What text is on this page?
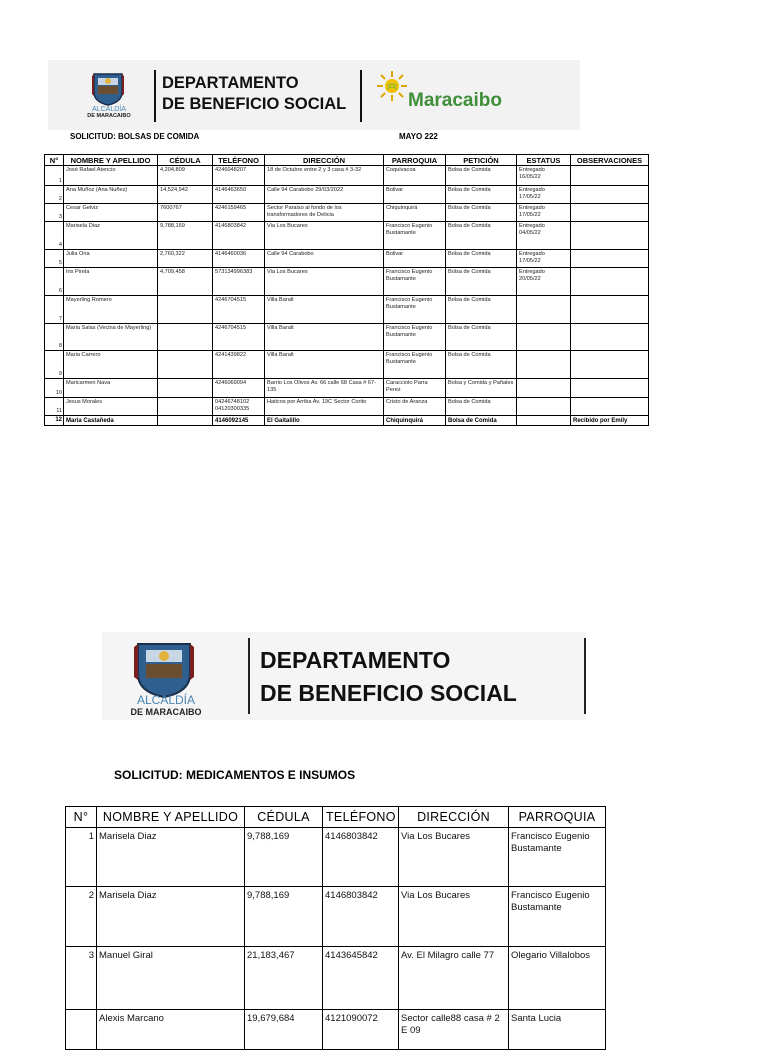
ALCALDÍA
DE MARACAIBO
DEPARTAMENTO
DE BENEFICIO SOCIAL	Maracaibo
SOLICITUD: BOLSAS DE COMIDA	MAYO 222
N°	NOMBRE Y APELLIDO	CÉDULA	TELÉFONO	DIRECCIÓN	PARROQUIA	PETICIÓN	ESTATUS	OBSERVACIONES
1	José Rafael Atencio	4,204,809	4246048207	18 de Octubre entre 2 y 3 casa # 3-32	Coquivacoa	Bolsa de Comida	Entregado 16/05/22	
2	Ana Muñoz (Ana Nuñez)	14,524,942	4146463650	Calle 94 Carabobo 29/03/2022	Bolivar	Bolsa de Comida	Entregado 17/05/22	
3	Cesar Gelviz	7600767	4246159465	Sector Paraiso al fondo de los transformadores de Delicia	Chiquinquirá	Bolsa de Comida	Entregado 17/05/22	
4	Marisela Diaz	9,788,169	4146803842	Via Los Bucares	Francisco Eugenio Bustamante	Bolsa de Comida	Entregado 04/05/22	
5	Julia Oria	2,760,322	4146460036	Calle 94 Carabobo	Bolivar	Bolsa de Comida	Entregado 17/05/22	
6	Iris Pirela	4,709,458	573134996383	Via Los Bucares	Francisco Eugenio Bustamante	Bolsa de Comida	Entregado 20/05/22	
7	Mayerling Romero		4246704515	Villa Baralt	Francisco Eugenio Bustamante	Bolsa de Comida		
8	Maria Salas (Vecina de Mayerling)		4246704515	Villa Baralt	Francisco Eugenio Bustamante	Bolsa de Comida		
9	Maria Carrero		4241439822	Villa Baralt	Francisco Eugenio Bustamante	Bolsa de Comida		
10	Maricarmen Nava		4246069094	Barrio Los Olivos Av. 66 calle 68 Casa # 67-135	Caracciolo Parra Perez	Bolsa y Comida y Pañales		
11	Jesus Morales		04246748102 04120300335	Haticos por Arriba Av. 19C Sector Corito	Cristo de Aranza	Bolsa de Comida		
12	Maria Castañeda		4146092145	El Gaitalillo	Chiquinquirá	Bolsa de Comida		Recibido por Emily
ALCALDÍA
DE MARACAIBO
DEPARTAMENTO
DE BENEFICIO SOCIAL
SOLICITUD: MEDICAMENTOS E INSUMOS
N°	NOMBRE Y APELLIDO	CÉDULA	TELÉFONO	DIRECCIÓN	PARROQUIA
1	Marisela Diaz	9,788,169	4146803842	Via Los Bucares	Francisco Eugenio Bustamante
2	Marisela Diaz	9,788,169	4146803842	Via Los Bucares	Francisco Eugenio Bustamante
3	Manuel Giral	21,183,467	4143645842	Av. El Milagro calle 77	Olegario Villalobos
	Alexis Marcano	19,679,684	4121090072	Sector calle88 casa # 2 E 09	Santa Lucia
